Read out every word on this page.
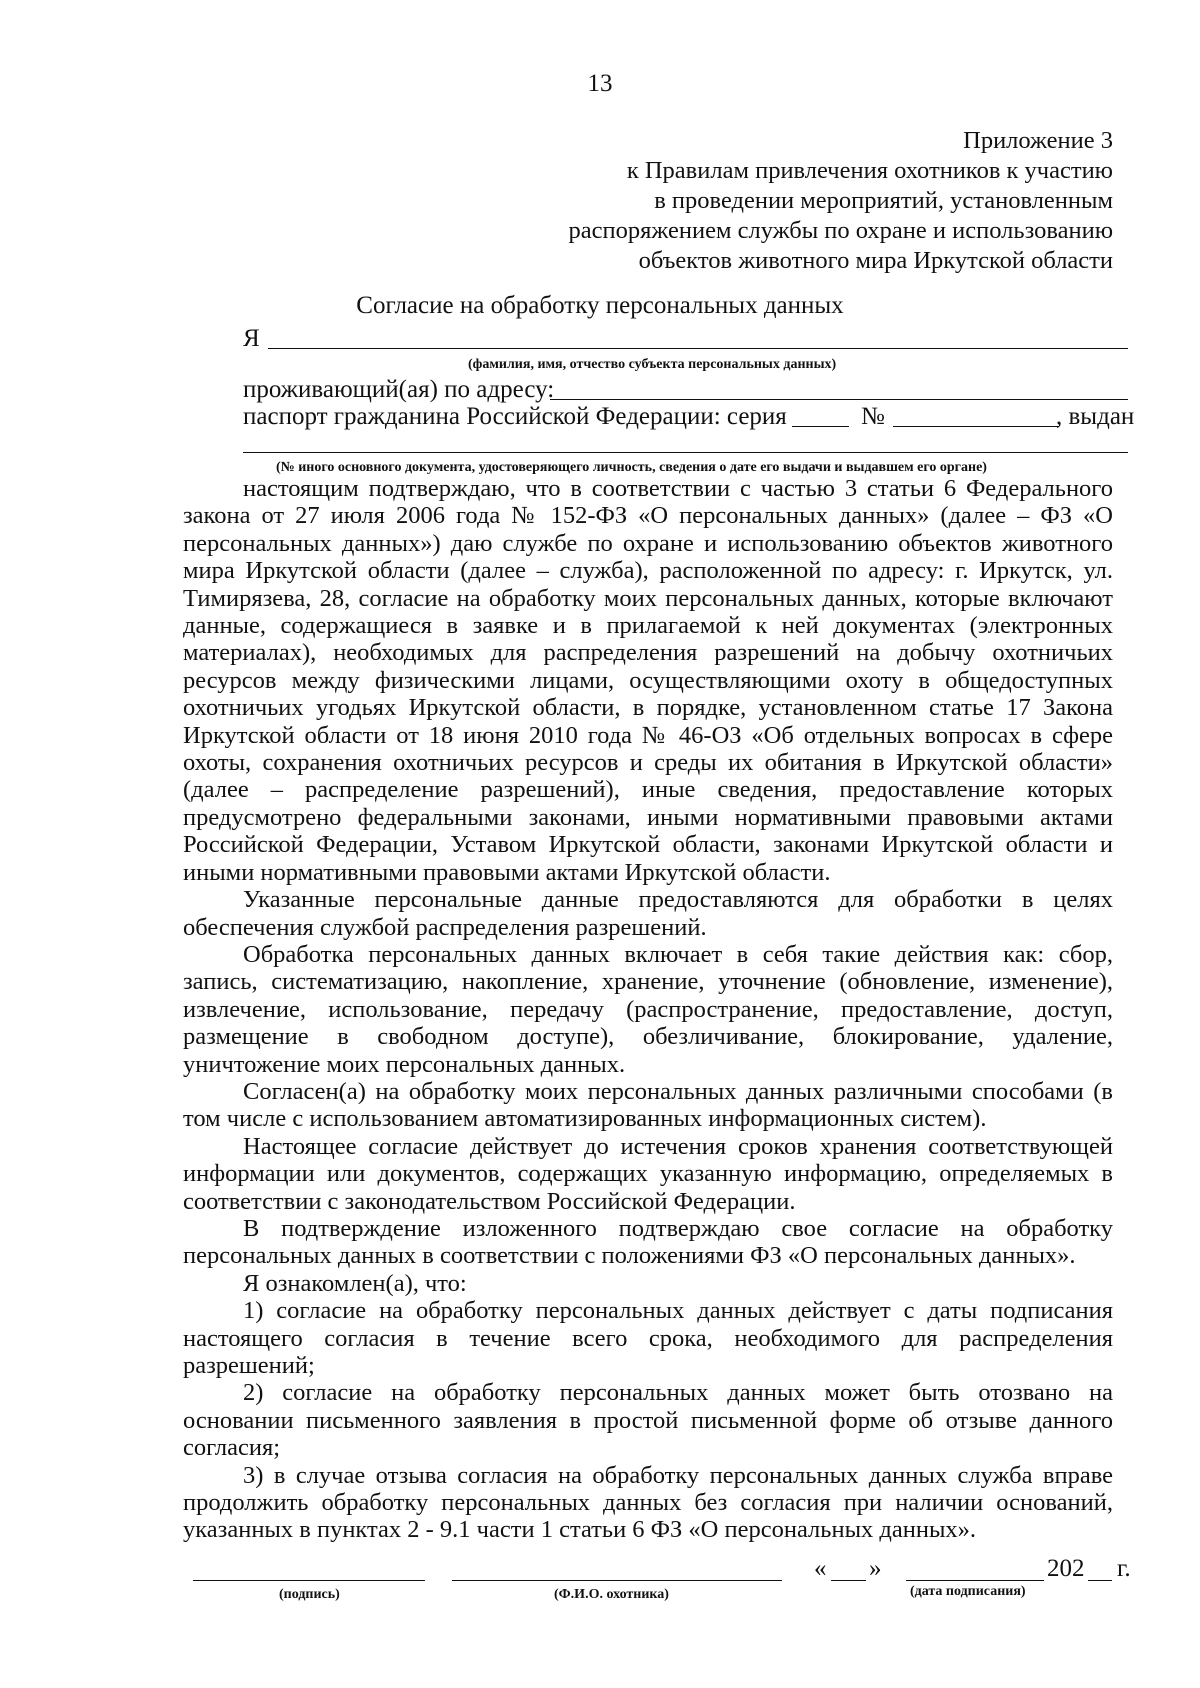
13
Приложение 3
к Правилам привлечения охотников к участию
в проведении мероприятий, установленным
распоряжением службы по охране и использованию
объектов животного мира Иркутской области
Согласие на обработку персональных данных
Я
(фамилия, имя, отчество субъекта персональных данных)
проживающий(ая) по адресу:
паспорт гражданина Российской Федерации: серия	№	, выдан
(№ иного основного документа, удостоверяющего личность, сведения о дате его выдачи и выдавшем его органе)

настоящим подтверждаю, что в соответствии с частью 3 статьи 6 Федерального закона от 27 июля 2006 года № 152-ФЗ «О персональных данных» (далее – ФЗ «О персональных данных») даю службе по охране и использованию объектов животного мира Иркутской области (далее – служба), расположенной по адресу: г. Иркутск, ул. Тимирязева, 28, согласие на обработку моих персональных данных, которые включают данные, содержащиеся в заявке и в прилагаемой к ней документах (электронных материалах), необходимых для распределения разрешений на добычу охотничьих ресурсов между физическими лицами, осуществляющими охоту в общедоступных охотничьих угодьях Иркутской области, в порядке, установленном статье 17 Закона Иркутской области от 18 июня 2010 года № 46-ОЗ «Об отдельных вопросах в сфере охоты, сохранения охотничьих ресурсов и среды их обитания в Иркутской области» (далее – распределение разрешений), иные сведения, предоставление которых предусмотрено федеральными законами, иными нормативными правовыми актами Российской Федерации, Уставом Иркутской области, законами Иркутской области и иными нормативными правовыми актами Иркутской области.

Указанные персональные данные предоставляются для обработки в целях обеспечения службой распределения разрешений.

Обработка персональных данных включает в себя такие действия как: сбор, запись, систематизацию, накопление, хранение, уточнение (обновление, изменение), извлечение, использование, передачу (распространение, предоставление, доступ, размещение в свободном доступе), обезличивание, блокирование, удаление, уничтожение моих персональных данных.

Согласен(а) на обработку моих персональных данных различными способами (в том числе с использованием автоматизированных информационных систем).

Настоящее согласие действует до истечения сроков хранения соответствующей информации или документов, содержащих указанную информацию, определяемых в соответствии с законодательством Российской Федерации.

В подтверждение изложенного подтверждаю свое согласие на обработку персональных данных в соответствии с положениями ФЗ «О персональных данных».

Я ознакомлен(а), что:

1) согласие на обработку персональных данных действует с даты подписания настоящего согласия в течение всего срока, необходимого для распределения разрешений;

2) согласие на обработку персональных данных может быть отозвано на основании письменного заявления в простой письменной форме об отзыве данного согласия;

3) в случае отзыва согласия на обработку персональных данных служба вправе продолжить обработку персональных данных без согласия при наличии оснований, указанных в пунктах 2 - 9.1 части 1 статьи 6 ФЗ «О персональных данных».

(подпись)	(Ф.И.О. охотника)
« »	202 г.
(дата подписания)
